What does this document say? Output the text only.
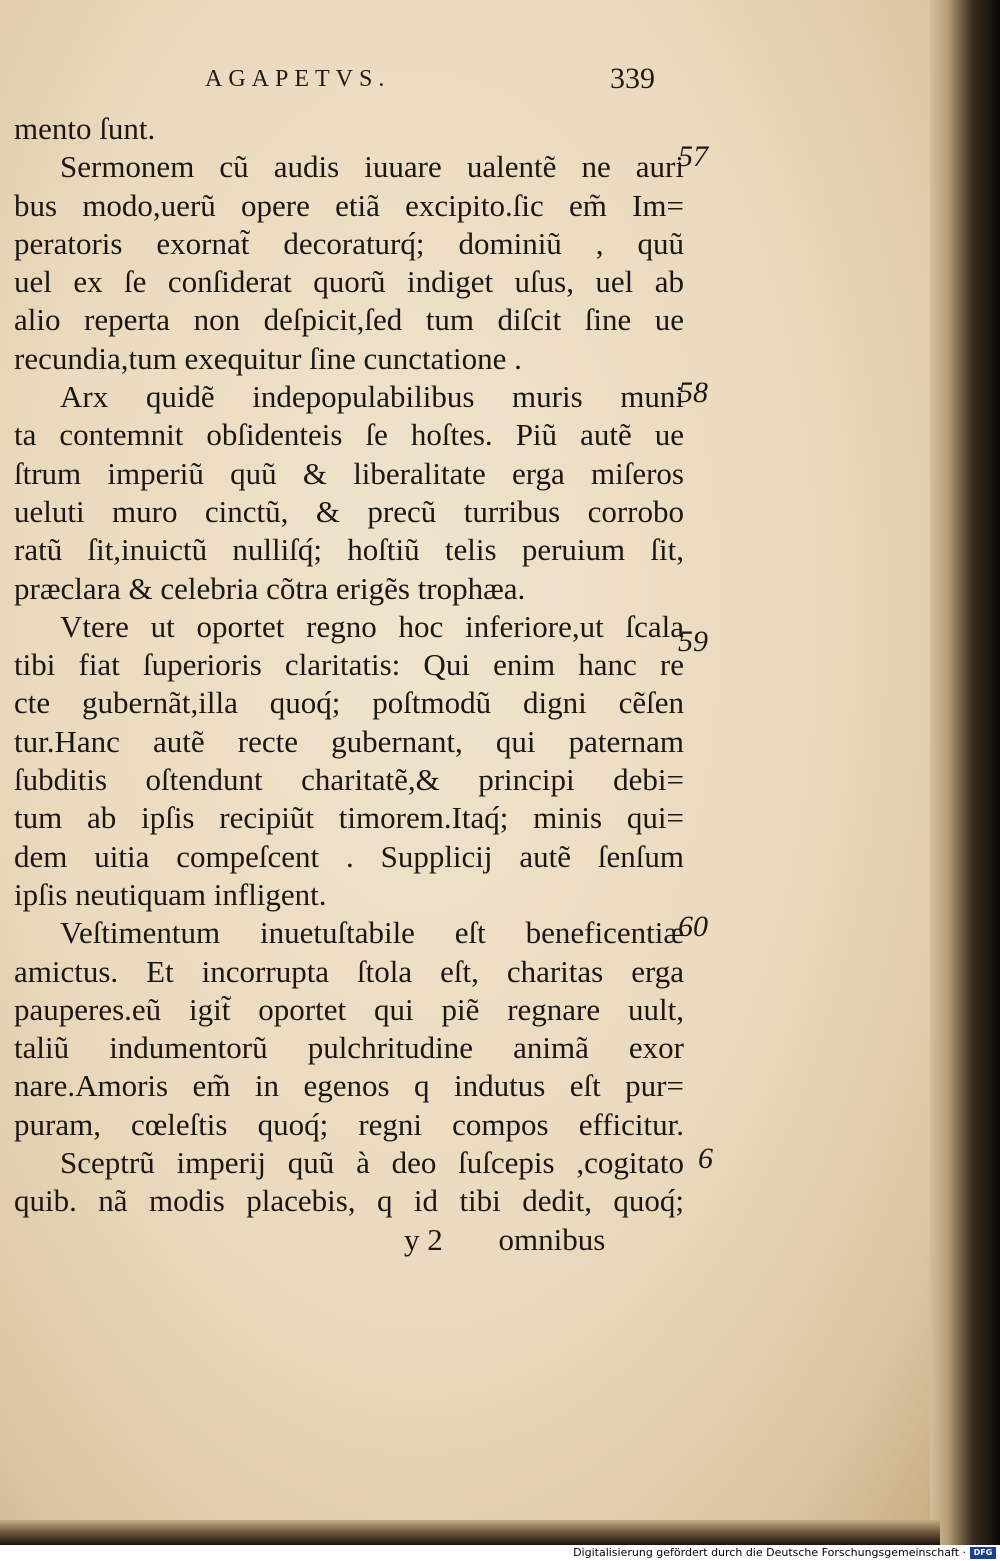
AGAPETVS.	339
mento ſunt.
Sermonem cũ audis iuuare ualentẽ ne auri
bus modo,uerũ opere etiã excipito.ſic em̃ Im=
peratoris exornat̃ decoraturq́; dominiũ , quũ
uel ex ſe conſiderat quorũ indiget uſus, uel ab
alio reperta non deſpicit,ſed tum diſcit ſine ue
recundia,tum exequitur ſine cunctatione .
Arx quidẽ indepopulabilibus muris muni
ta contemnit obſidenteis ſe hoſtes. Piũ autẽ ue
ſtrum imperiũ quũ & liberalitate erga miſeros
ueluti muro cinctũ, & precũ turribus corrobo
ratũ ſit,inuictũ nulliſq́; hoſtiũ telis peruium ſit,
præclara & celebria cõtra erigẽs trophæa.
Vtere ut oportet regno hoc inferiore,ut ſcala
tibi fiat ſuperioris claritatis: Qui enim hanc re
cte gubernãt,illa quoq́; poſtmodũ digni cẽſen
tur.Hanc autẽ recte gubernant, qui paternam
ſubditis oſtendunt charitatẽ,& principi debi=
tum ab ipſis recipiũt timorem.Itaq́; minis qui=
dem uitia compeſcent . Supplicij autẽ ſenſum
ipſis neutiquam infligent.
Veſtimentum inuetuſtabile eſt beneficentiæ
amictus. Et incorrupta ſtola eſt, charitas erga
pauperes.eũ igit̃ oportet qui piẽ regnare uult,
taliũ indumentorũ pulchritudine animã exor
nare.Amoris em̃ in egenos q indutus eſt pur=
puram, cœleſtis quoq́; regni compos efficitur.
Sceptrũ imperij quũ à deo ſuſcepis ,cogitato
quib. nã modis placebis, q id tibi dedit, quoq́;
y 2 omnibus
57
58
59
60
6
Digitalisierung gefördert durch die Deutsche Forschungsgemeinschaft · DFG
